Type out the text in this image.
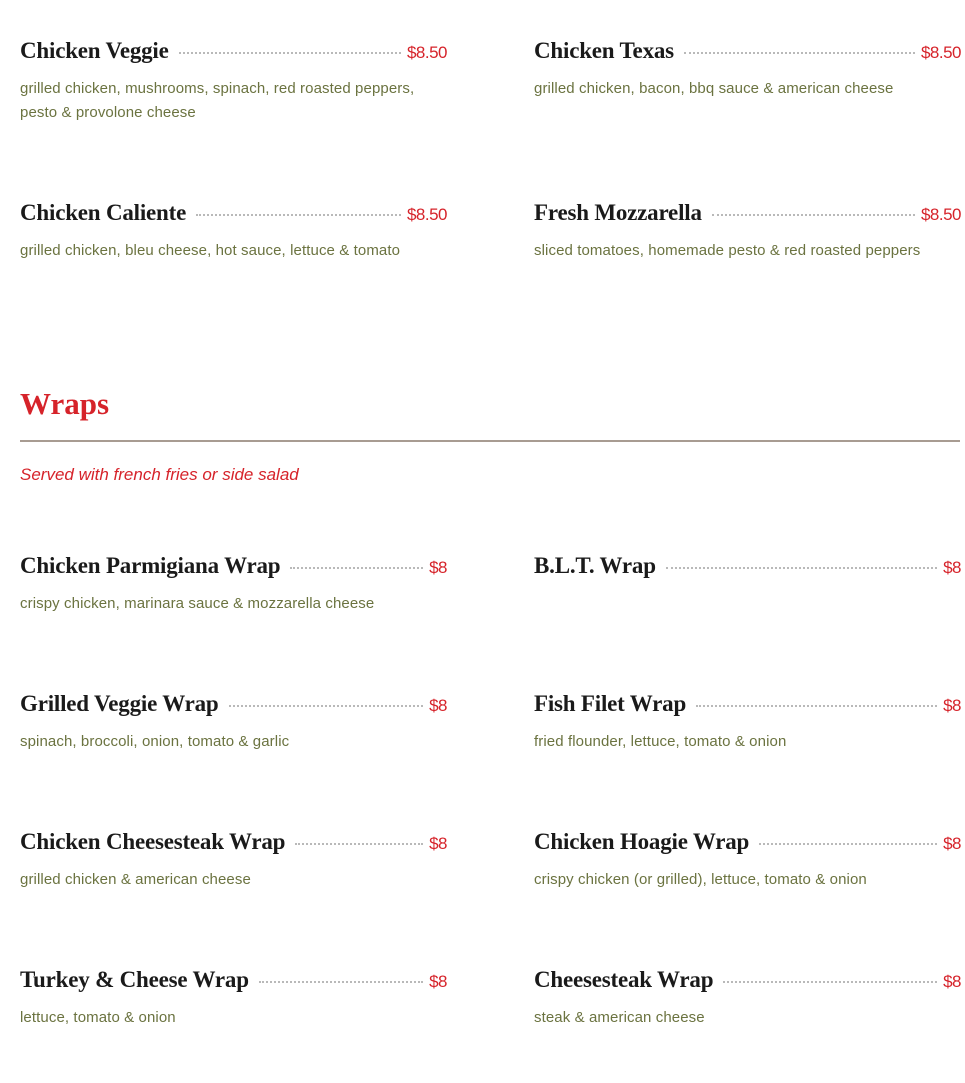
Chicken Veggie	$8.50
grilled chicken, mushrooms, spinach, red roasted peppers, pesto & provolone cheese
Chicken Texas	$8.50
grilled chicken, bacon, bbq sauce & american cheese
Chicken Caliente	$8.50
grilled chicken, bleu cheese, hot sauce, lettuce & tomato
Fresh Mozzarella	$8.50
sliced tomatoes, homemade pesto & red roasted peppers
Wraps
Served with french fries or side salad
Chicken Parmigiana Wrap	$8
crispy chicken, marinara sauce & mozzarella cheese
B.L.T. Wrap	$8
Grilled Veggie Wrap	$8
spinach, broccoli, onion, tomato & garlic
Fish Filet Wrap	$8
fried flounder, lettuce, tomato & onion
Chicken Cheesesteak Wrap	$8
grilled chicken & american cheese
Chicken Hoagie Wrap	$8
crispy chicken (or grilled), lettuce, tomato & onion
Turkey & Cheese Wrap	$8
lettuce, tomato & onion
Cheesesteak Wrap	$8
steak & american cheese
